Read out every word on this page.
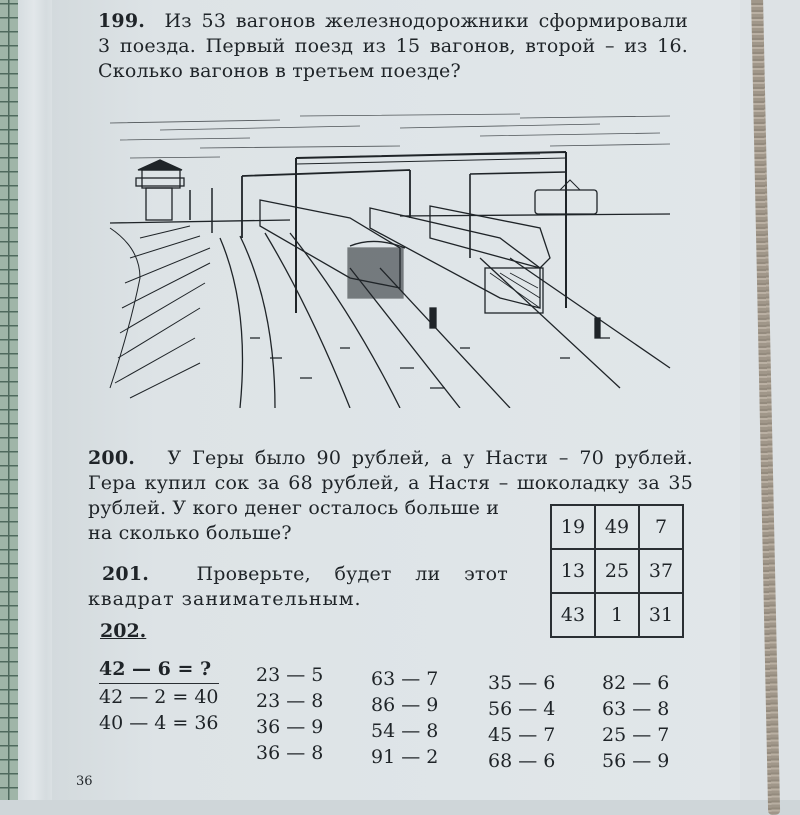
199. Из 53 вагонов железнодорожники сформировали
3 поезда. Первый поезд из 15 вагонов, второй – из 16.
Сколько вагонов в третьем поезде?
200. У Геры было 90 рублей, а у Насти – 70 рублей.
Гера купил сок за 68 рублей, а Настя – шоколадку за 35
рублей. У кого денег осталось больше и
на сколько больше?
201. Проверьте, будет ли этот
квадрат занимательным.
19	49	7
13	25	37
43	1	31
202.
42 — 6 = ?
42 — 2 = 40
40 — 4 = 36
23 — 5
23 — 8
36 — 9
36 — 8
63 — 7
86 — 9
54 — 8
91 — 2
35 — 6
56 — 4
45 — 7
68 — 6
82 — 6
63 — 8
25 — 7
56 — 9
36
